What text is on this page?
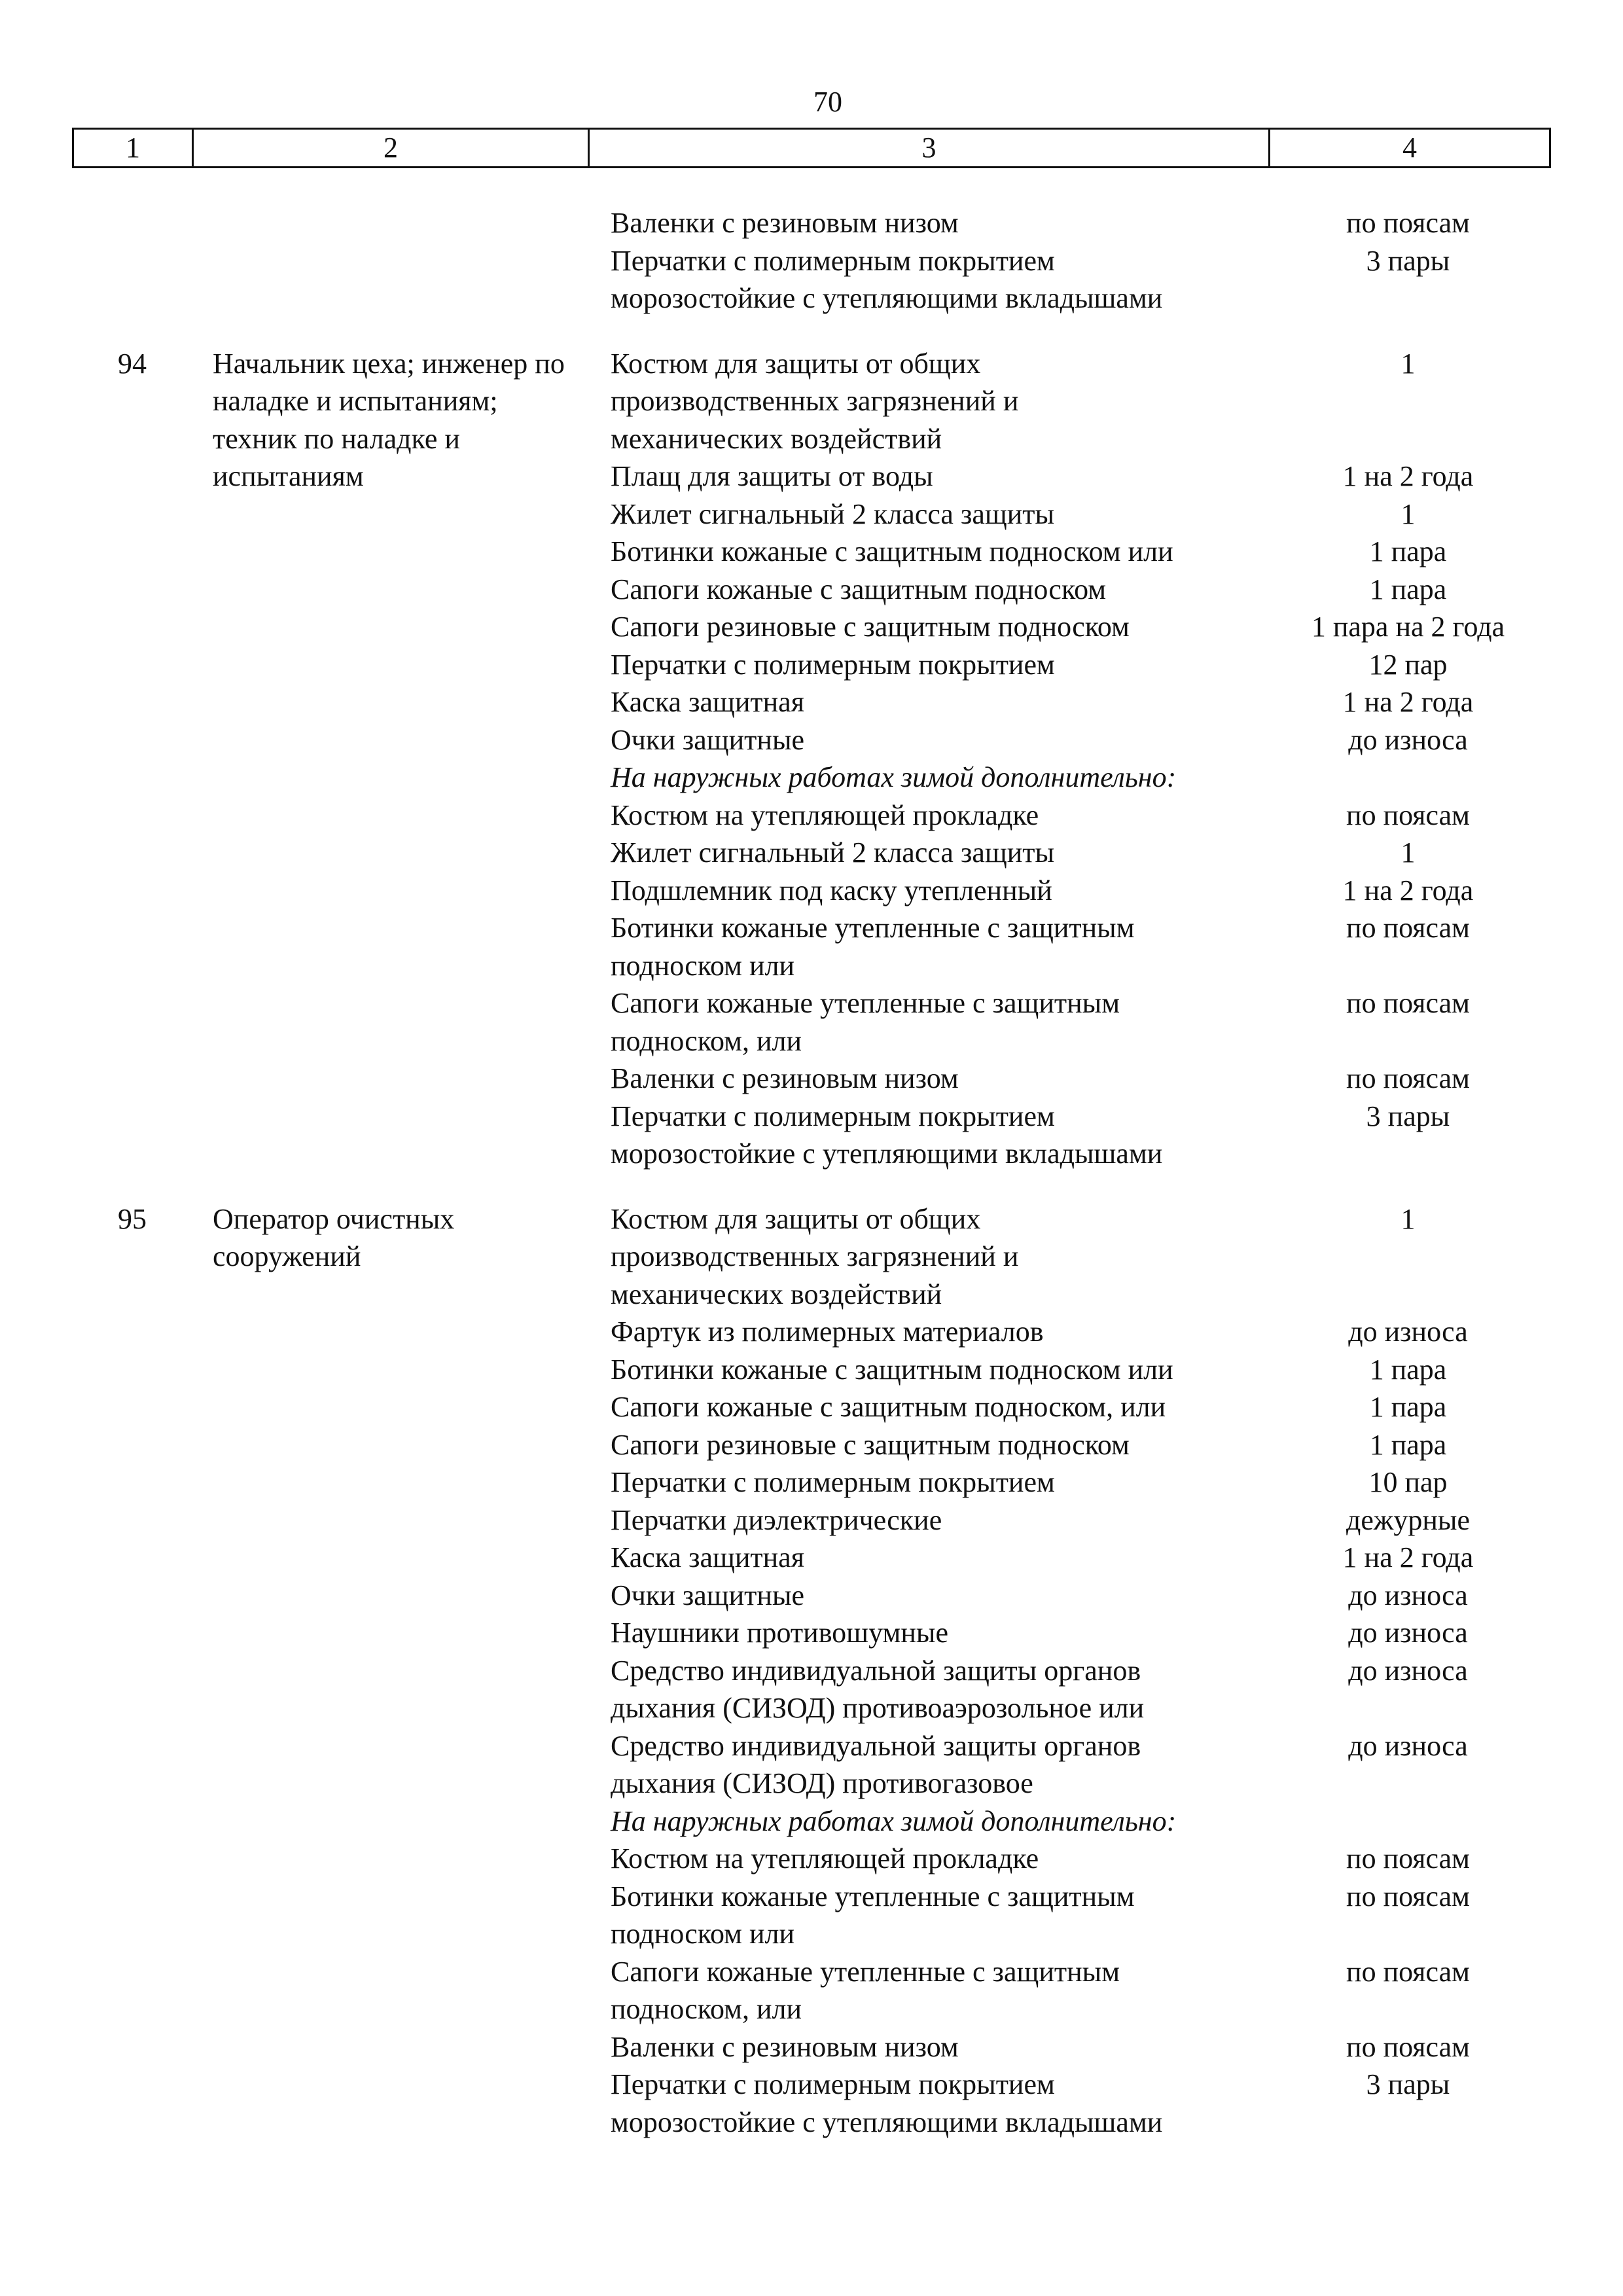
70
1	2	3	4
Валенки с резиновым низом	по поясам
Перчатки с полимерным покрытием	3 пары
морозостойкие с утепляющими вкладышами
94	Начальник цеха; инженер по наладке и испытаниям; техник по наладке и испытаниям
Костюм для защиты от общих	1
производственных загрязнений и
механических воздействий
Плащ для защиты от воды	1 на 2 года
Жилет сигнальный 2 класса защиты	1
Ботинки кожаные с защитным подноском или	1 пара
Сапоги кожаные с защитным подноском	1 пара
Сапоги резиновые с защитным подноском	1 пара на 2 года
Перчатки с полимерным покрытием	12 пар
Каска защитная	1 на 2 года
Очки защитные	до износа
На наружных работах зимой дополнительно:
Костюм на утепляющей прокладке	по поясам
Жилет сигнальный 2 класса защиты	1
Подшлемник под каску утепленный	1 на 2 года
Ботинки кожаные утепленные с защитным	по поясам
подноском или
Сапоги кожаные утепленные с защитным	по поясам
подноском, или
Валенки с резиновым низом	по поясам
Перчатки с полимерным покрытием	3 пары
морозостойкие с утепляющими вкладышами
95	Оператор очистных сооружений
Костюм для защиты от общих	1
производственных загрязнений и
механических воздействий
Фартук из полимерных материалов	до износа
Ботинки кожаные с защитным подноском или	1 пара
Сапоги кожаные с защитным подноском, или	1 пара
Сапоги резиновые с защитным подноском	1 пара
Перчатки с полимерным покрытием	10 пар
Перчатки диэлектрические	дежурные
Каска защитная	1 на 2 года
Очки защитные	до износа
Наушники противошумные	до износа
Средство индивидуальной защиты органов	до износа
дыхания (СИЗОД) противоаэрозольное или
Средство индивидуальной защиты органов	до износа
дыхания (СИЗОД) противогазовое
На наружных работах зимой дополнительно:
Костюм на утепляющей прокладке	по поясам
Ботинки кожаные утепленные с защитным	по поясам
подноском или
Сапоги кожаные утепленные с защитным	по поясам
подноском, или
Валенки с резиновым низом	по поясам
Перчатки с полимерным покрытием	3 пары
морозостойкие с утепляющими вкладышами
